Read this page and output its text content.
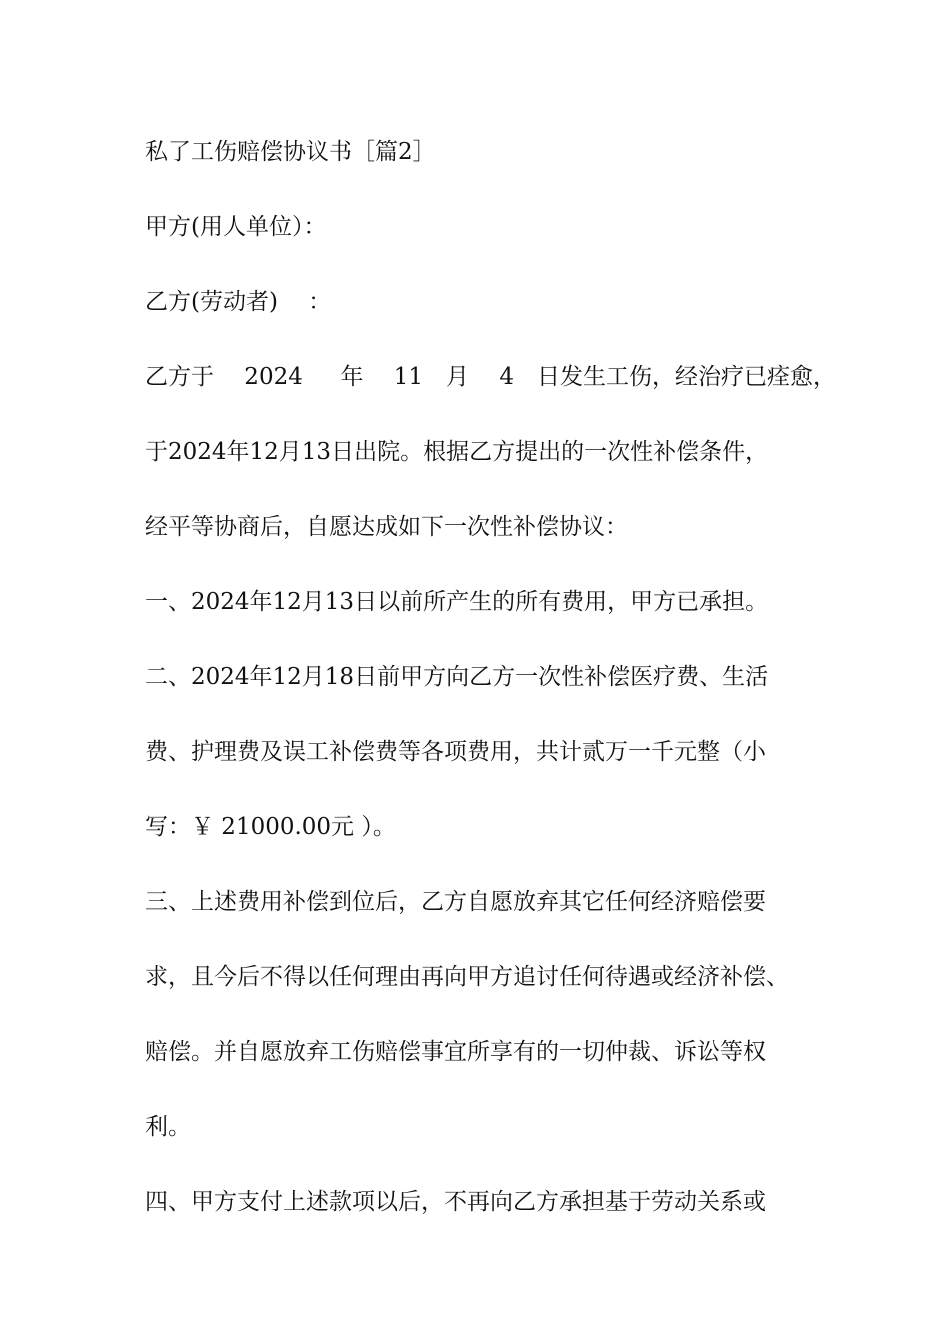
私了工伤赔偿协议书［篇2］

甲方(用人单位）：

乙方(劳动者)　 ：

乙方于　 2024　  年　 11　月　 4　日发生工伤，经治疗已痊愈，

于2024年12月13日出院。根据乙方提出的一次性补偿条件，

经平等协商后，自愿达成如下一次性补偿协议：

一、2024年12月13日以前所产生的所有费用，甲方已承担。

二、2024年12月18日前甲方向乙方一次性补偿医疗费、生活

费、护理费及误工补偿费等各项费用，共计贰万一千元整（小

写：￥ 21000.00元 ）。

三、上述费用补偿到位后，乙方自愿放弃其它任何经济赔偿要

求，且今后不得以任何理由再向甲方追讨任何待遇或经济补偿、

赔偿。并自愿放弃工伤赔偿事宜所享有的一切仲裁、诉讼等权

利。

四、甲方支付上述款项以后，不再向乙方承担基于劳动关系或
